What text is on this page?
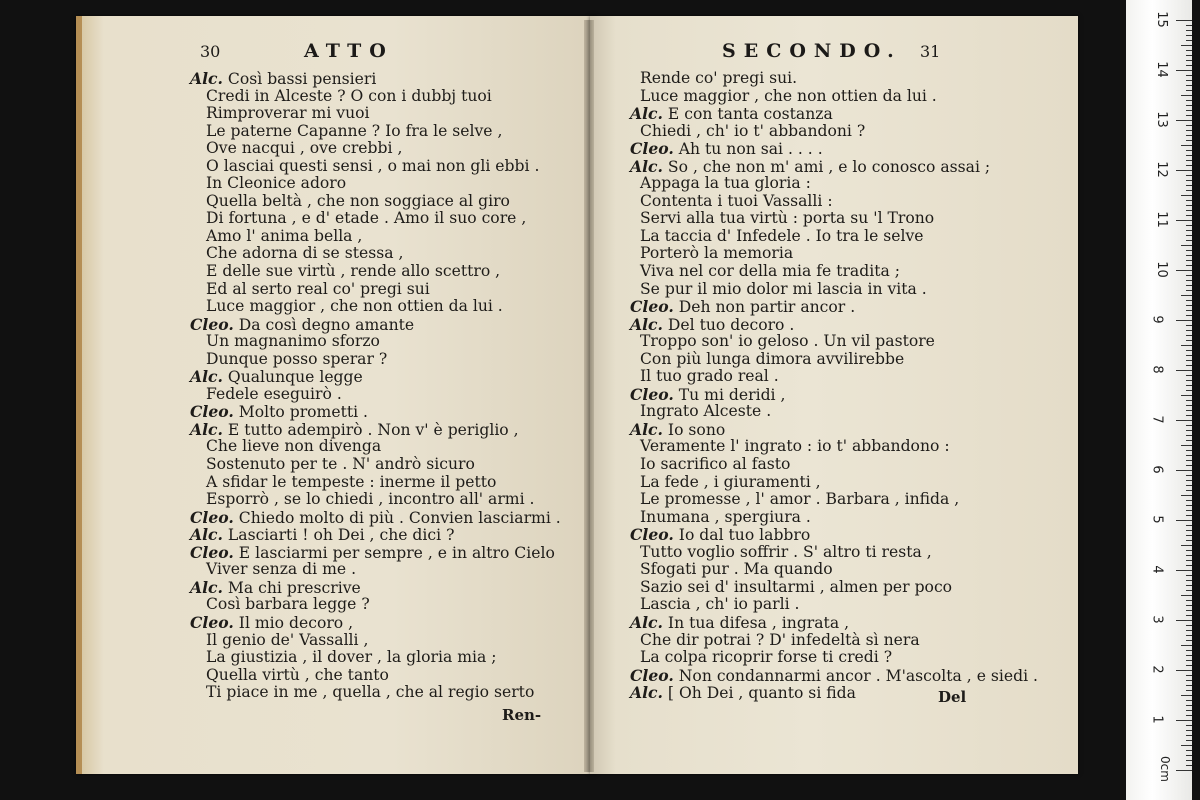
30	ATTO
Alc. Così bassi pensieri
Credi in Alceste ? O con i dubbj tuoi
Rimproverar mi vuoi
Le paterne Capanne ? Io fra le selve ,
Ove nacqui , ove crebbi ,
O lasciai questi sensi , o mai non gli ebbi .
In Cleonice adoro
Quella beltà , che non soggiace al giro
Di fortuna , e d' etade . Amo il suo core ,
Amo l' anima bella ,
Che adorna di se stessa ,
E delle sue virtù , rende allo scettro ,
Ed al serto real co' pregi sui
Luce maggior , che non ottien da lui .
Cleo. Da così degno amante
Un magnanimo sforzo
Dunque posso sperar ?
Alc. Qualunque legge
Fedele eseguirò .
Cleo. Molto prometti .
Alc. E tutto adempirò . Non v' è periglio ,
Che lieve non divenga
Sostenuto per te . N' andrò sicuro
A sfidar le tempeste : inerme il petto
Esporrò , se lo chiedi , incontro all' armi .
Cleo. Chiedo molto di più . Convien lasciarmi .
Alc. Lasciarti ! oh Dei , che dici ?
Cleo. E lasciarmi per sempre , e in altro Cielo
Viver senza di me .
Alc. Ma chi prescrive
Così barbara legge ?
Cleo. Il mio decoro ,
Il genio de' Vassalli ,
La giustizia , il dover , la gloria mia ;
Quella virtù , che tanto
Ti piace in me , quella , che al regio serto
Ren-
SECONDO. 31
Rende co' pregi sui.
Luce maggior , che non ottien da lui .
Alc. E con tanta costanza
Chiedi , ch' io t' abbandoni ?
Cleo. Ah tu non sai . . . .
Alc. So , che non m' ami , e lo conosco assai ;
Appaga la tua gloria :
Contenta i tuoi Vassalli :
Servi alla tua virtù : porta su 'l Trono
La taccia d' Infedele . Io tra le selve
Porterò la memoria
Viva nel cor della mia fe tradita ;
Se pur il mio dolor mi lascia in vita .
Cleo. Deh non partir ancor .
Alc. Del tuo decoro .
Troppo son' io geloso . Un vil pastore
Con più lunga dimora avvilirebbe
Il tuo grado real .
Cleo. Tu mi deridi ,
Ingrato Alceste .
Alc. Io sono
Veramente l' ingrato : io t' abbandono :
Io sacrifico al fasto
La fede , i giuramenti ,
Le promesse , l' amor . Barbara , infida ,
Inumana , spergiura .
Cleo. Io dal tuo labbro
Tutto voglio soffrir . S' altro ti resta ,
Sfogati pur . Ma quando
Sazio sei d' insultarmi , almen per poco
Lascia , ch' io parli .
Alc. In tua difesa , ingrata ,
Che dir potrai ? D' infedeltà sì nera
La colpa ricoprir forse ti credi ?
Cleo. Non condannarmi ancor . M'ascolta , e siedi .
Alc. [ Oh Dei , quanto si fida	Del
0cm
15
14
13
12
11
10
9
8
7
6
5
4
3
2
1
